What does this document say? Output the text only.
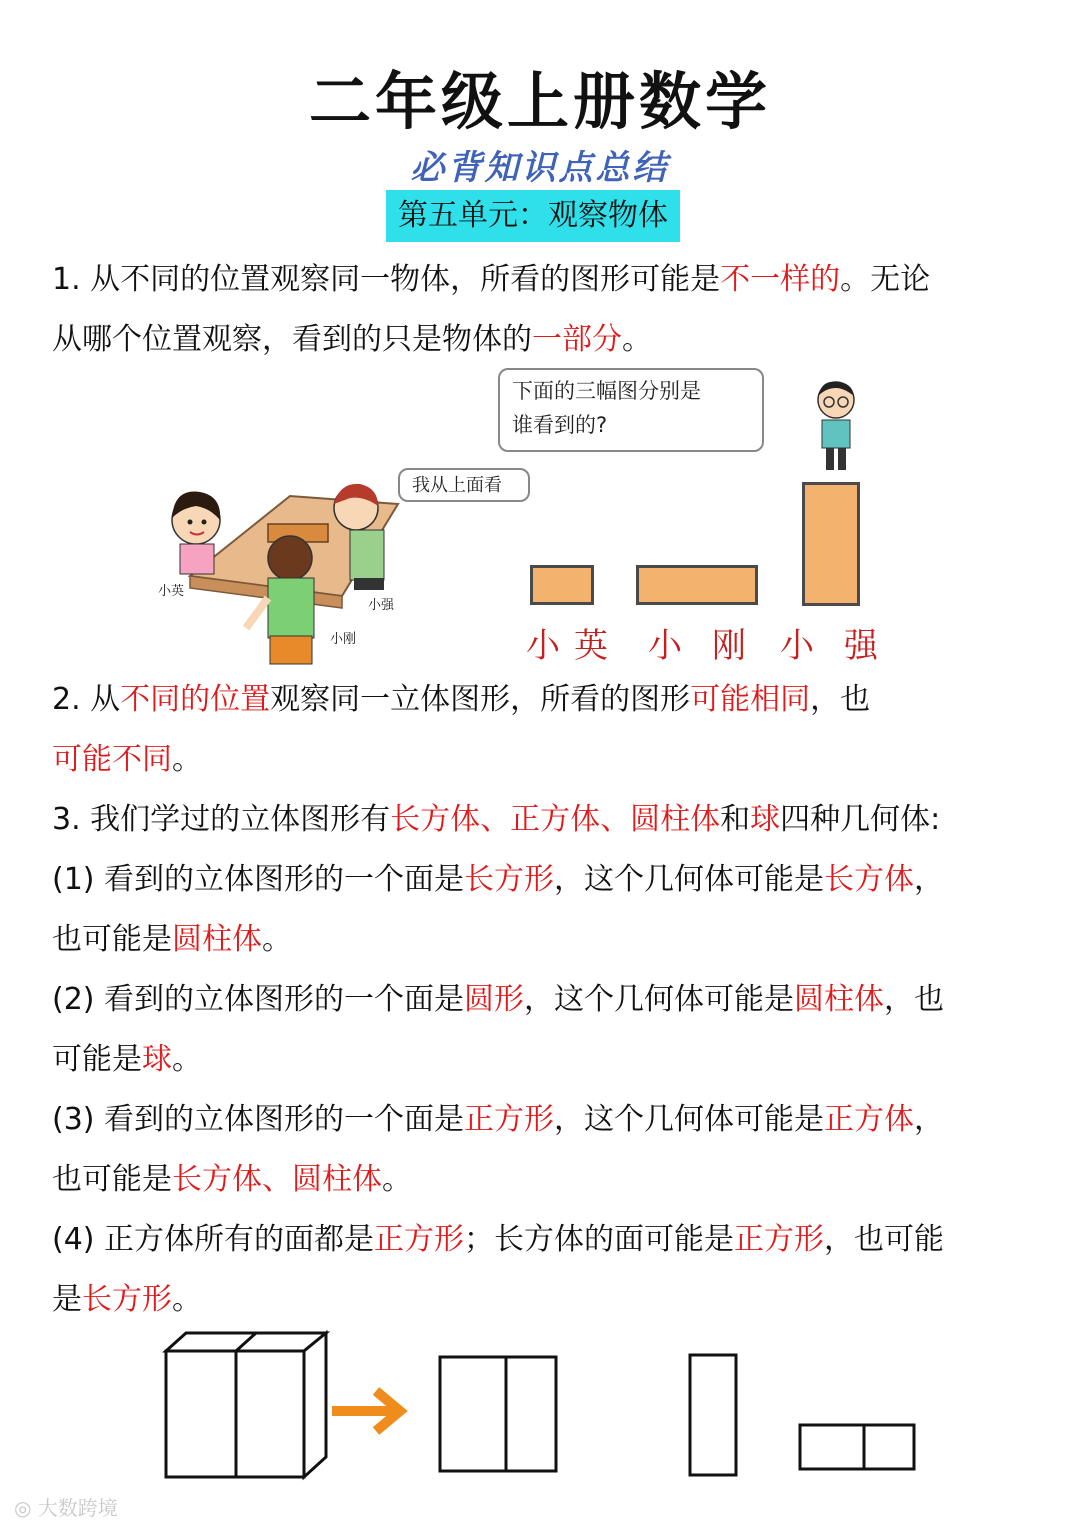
二年级上册数学
必背知识点总结
第五单元：观察物体
1. 从不同的位置观察同一物体，所看的图形可能是不一样的。无论
从哪个位置观察，看到的只是物体的一部分。
小英
小强
小刚
我从上面看
下面的三幅图分别是
谁看到的?
小英 小刚 小强
2. 从不同的位置观察同一立体图形，所看的图形可能相同，也
可能不同。
3. 我们学过的立体图形有长方体、正方体、圆柱体和球四种几何体:
(1) 看到的立体图形的一个面是长方形，这个几何体可能是长方体，
也可能是圆柱体。
(2) 看到的立体图形的一个面是圆形，这个几何体可能是圆柱体，也
可能是球。
(3) 看到的立体图形的一个面是正方形，这个几何体可能是正方体，
也可能是长方体、圆柱体。
(4) 正方体所有的面都是正方形；长方体的面可能是正方形，也可能
是长方形。
◎ 大数跨境
